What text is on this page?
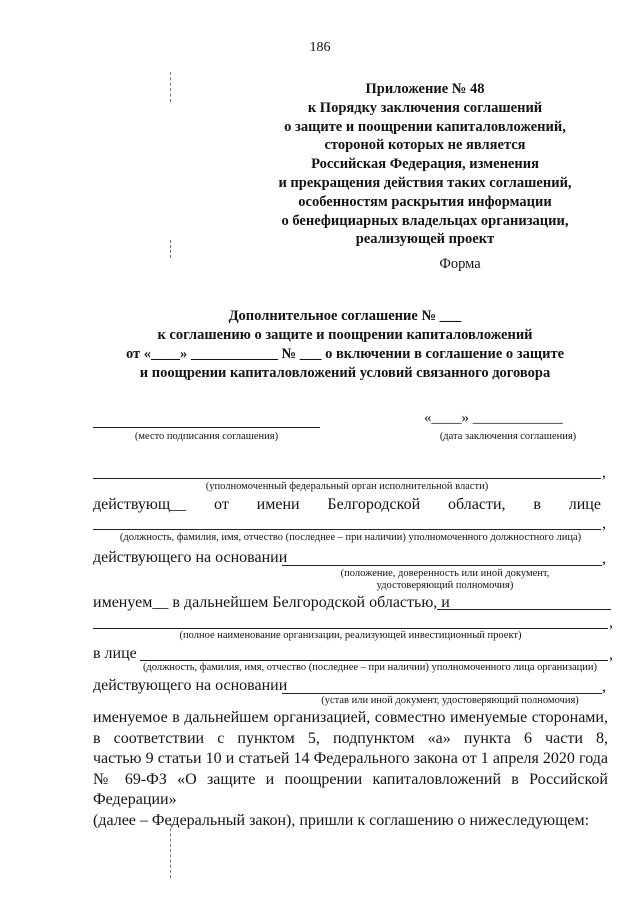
186
Приложение № 48
к Порядку заключения соглашений
о защите и поощрении капиталовложений,
стороной которых не является
Российская Федерация, изменения
и прекращения действия таких соглашений,
особенностям раскрытия информации
о бенефициарных владельцах организации,
реализующей проект
Форма
Дополнительное соглашение № ___
к соглашению о защите и поощрении капиталовложений
от «____» ____________ № ___ о включении в соглашение о защите
и поощрении капиталовложений условий связанного договора
(место подписания соглашения)
«____» ____________
(дата заключения соглашения)
,
(уполномоченный федеральный орган исполнительной власти)
действующ__ от имени Белгородской области, в лице
,
(должность, фамилия, имя, отчество (последнее – при наличии) уполномоченного должностного лица)
действующего на основании	,
(положение, доверенность или иной документ,
удостоверяющий полномочия)
именуем__ в дальнейшем Белгородской областью, и
,
(полное наименование организации, реализующей инвестиционный проект)
в лице	,
(должность, фамилия, имя, отчество (последнее – при наличии) уполномоченного лица организации)
действующего на основании	,
(устав или иной документ, удостоверяющий полномочия)
именуемое в дальнейшем организацией, совместно именуемые сторонами,
в соответствии с пунктом 5, подпунктом «а» пункта 6 части 8,
частью 9 статьи 10 и статьей 14 Федерального закона от 1 апреля 2020 года
№ 69-ФЗ «О защите и поощрении капиталовложений в Российской Федерации»
(далее – Федеральный закон), пришли к соглашению о нижеследующем:
